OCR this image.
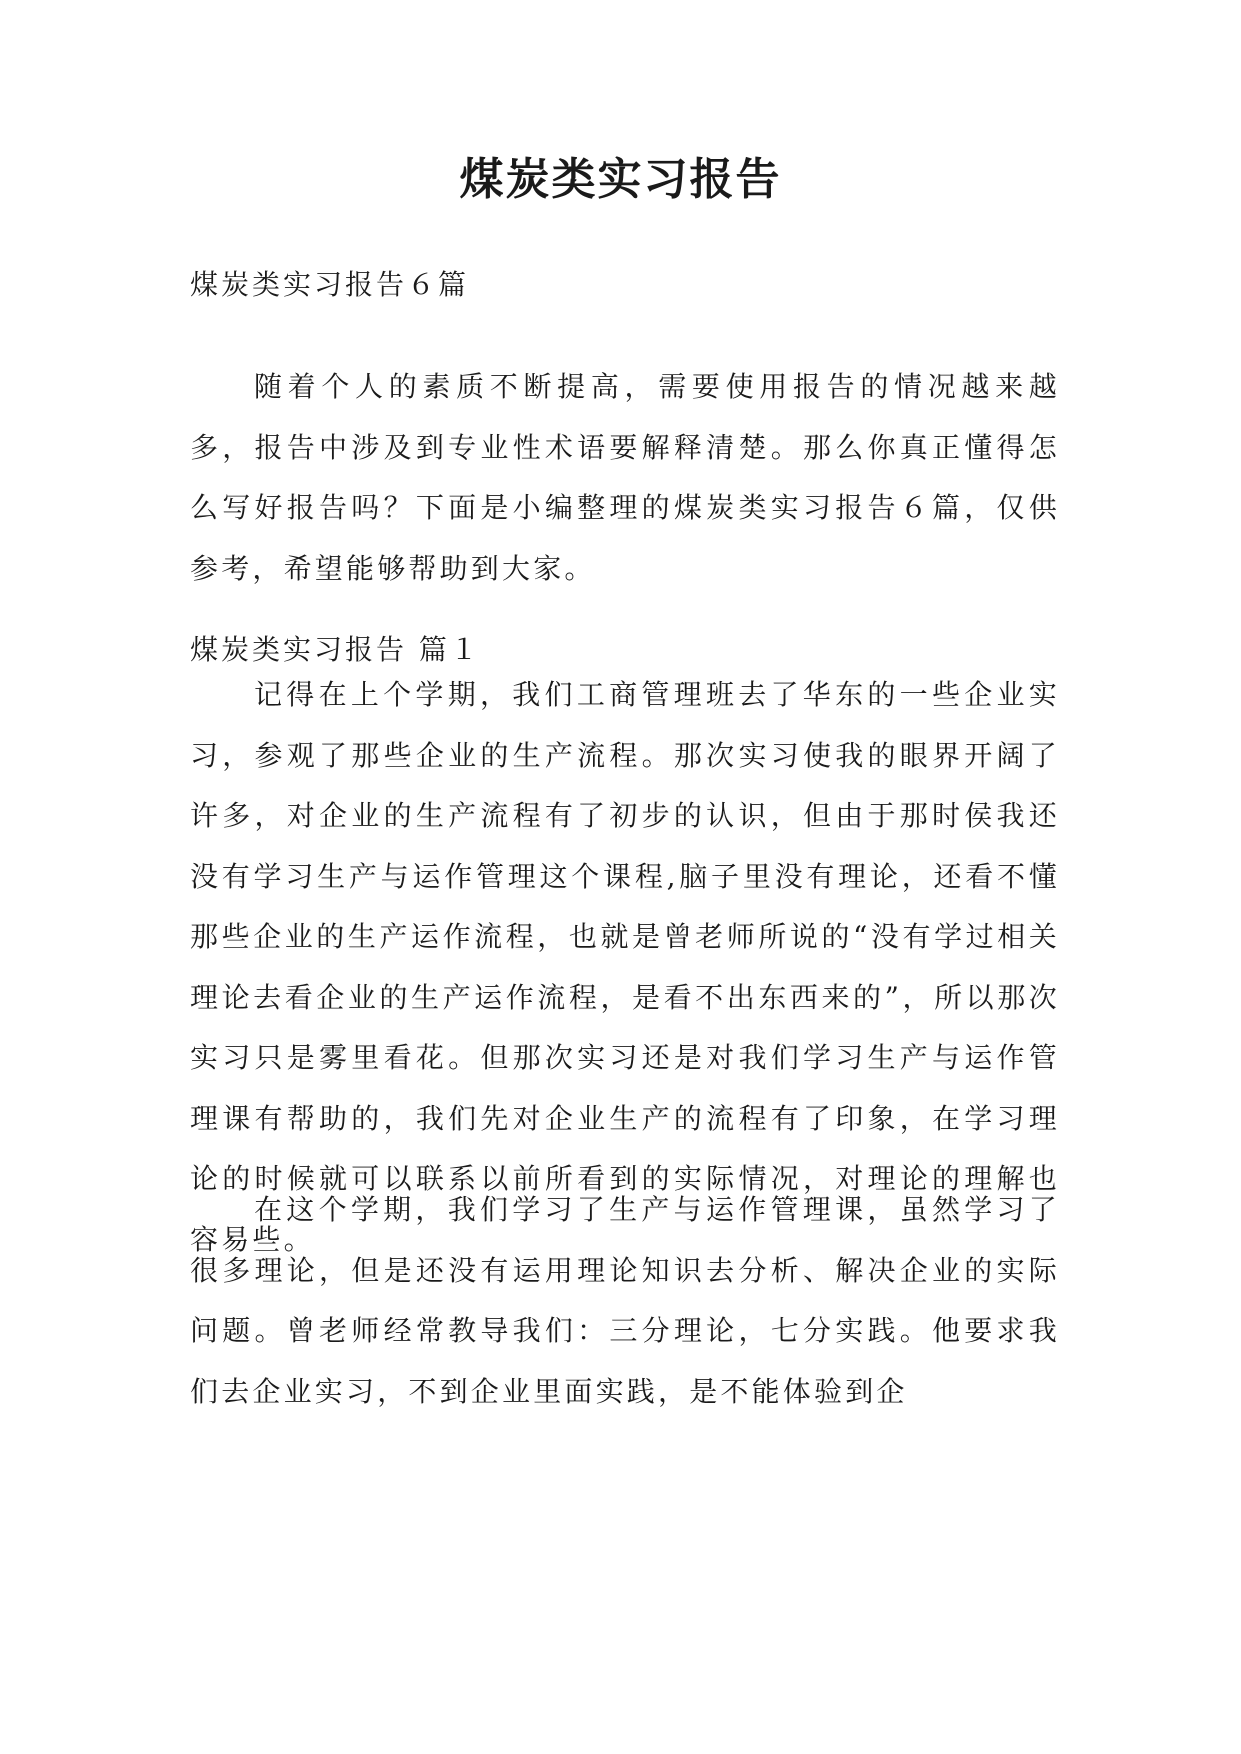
煤炭类实习报告

煤炭类实习报告６篇

随着个人的素质不断提高，需要使用报告的情况越来越多，报告中涉及到专业性术语要解释清楚。那么你真正懂得怎么写好报告吗？下面是小编整理的煤炭类实习报告６篇，仅供参考，希望能够帮助到大家。

煤炭类实习报告 篇１

记得在上个学期，我们工商管理班去了华东的一些企业实习，参观了那些企业的生产流程。那次实习使我的眼界开阔了许多，对企业的生产流程有了初步的认识，但由于那时侯我还没有学习生产与运作管理这个课程,脑子里没有理论，还看不懂那些企业的生产运作流程，也就是曾老师所说的“没有学过相关理论去看企业的生产运作流程，是看不出东西来的”，所以那次实习只是雾里看花。但那次实习还是对我们学习生产与运作管理课有帮助的，我们先对企业生产的流程有了印象，在学习理论的时候就可以联系以前所看到的实际情况，对理论的理解也容易些。

在这个学期，我们学习了生产与运作管理课，虽然学习了很多理论，但是还没有运用理论知识去分析、解决企业的实际问题。曾老师经常教导我们：三分理论，七分实践。他要求我们去企业实习，不到企业里面实践，是不能体验到企
